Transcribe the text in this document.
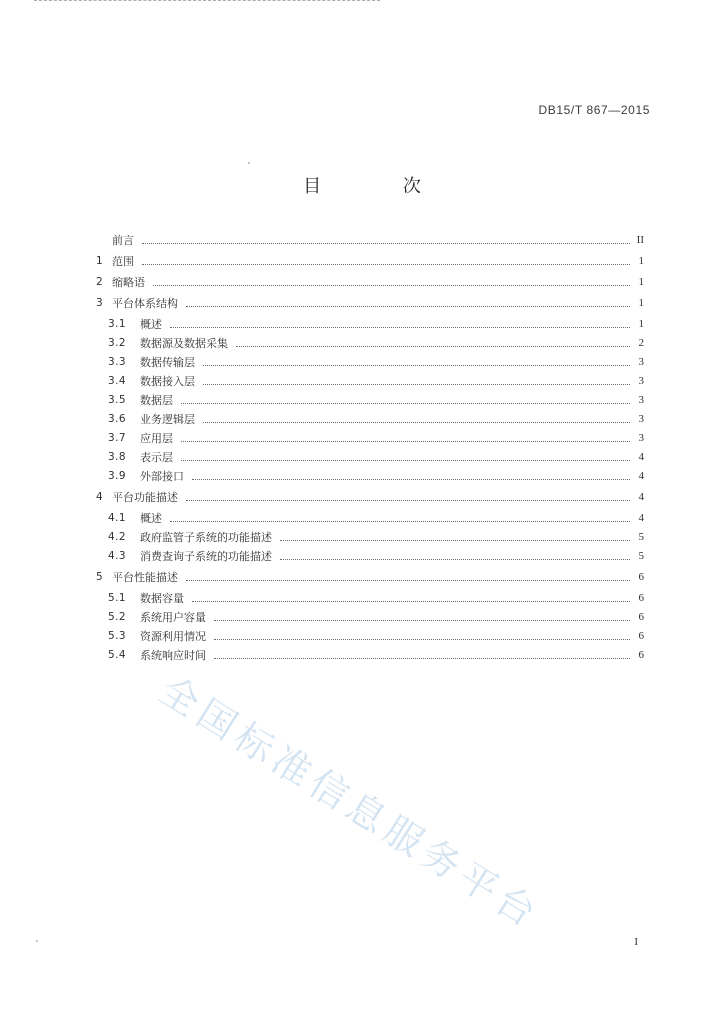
DB15/T 867—2015
目 次
前言	II
1 范围	1
2 缩略语	1
3 平台体系结构	1
3.1	概述	1
3.2	数据源及数据采集	2
3.3	数据传输层	3
3.4	数据接入层	3
3.5	数据层	3
3.6	业务逻辑层	3
3.7	应用层	3
3.8	表示层	4
3.9	外部接口	4
4 平台功能描述	4
4.1	概述	4
4.2	政府监管子系统的功能描述	5
4.3	消费查询子系统的功能描述	5
5 平台性能描述	6
5.1	数据容量	6
5.2	系统用户容量	6
5.3	资源利用情况	6
5.4	系统响应时间	6
全国标准信息服务平台
I
